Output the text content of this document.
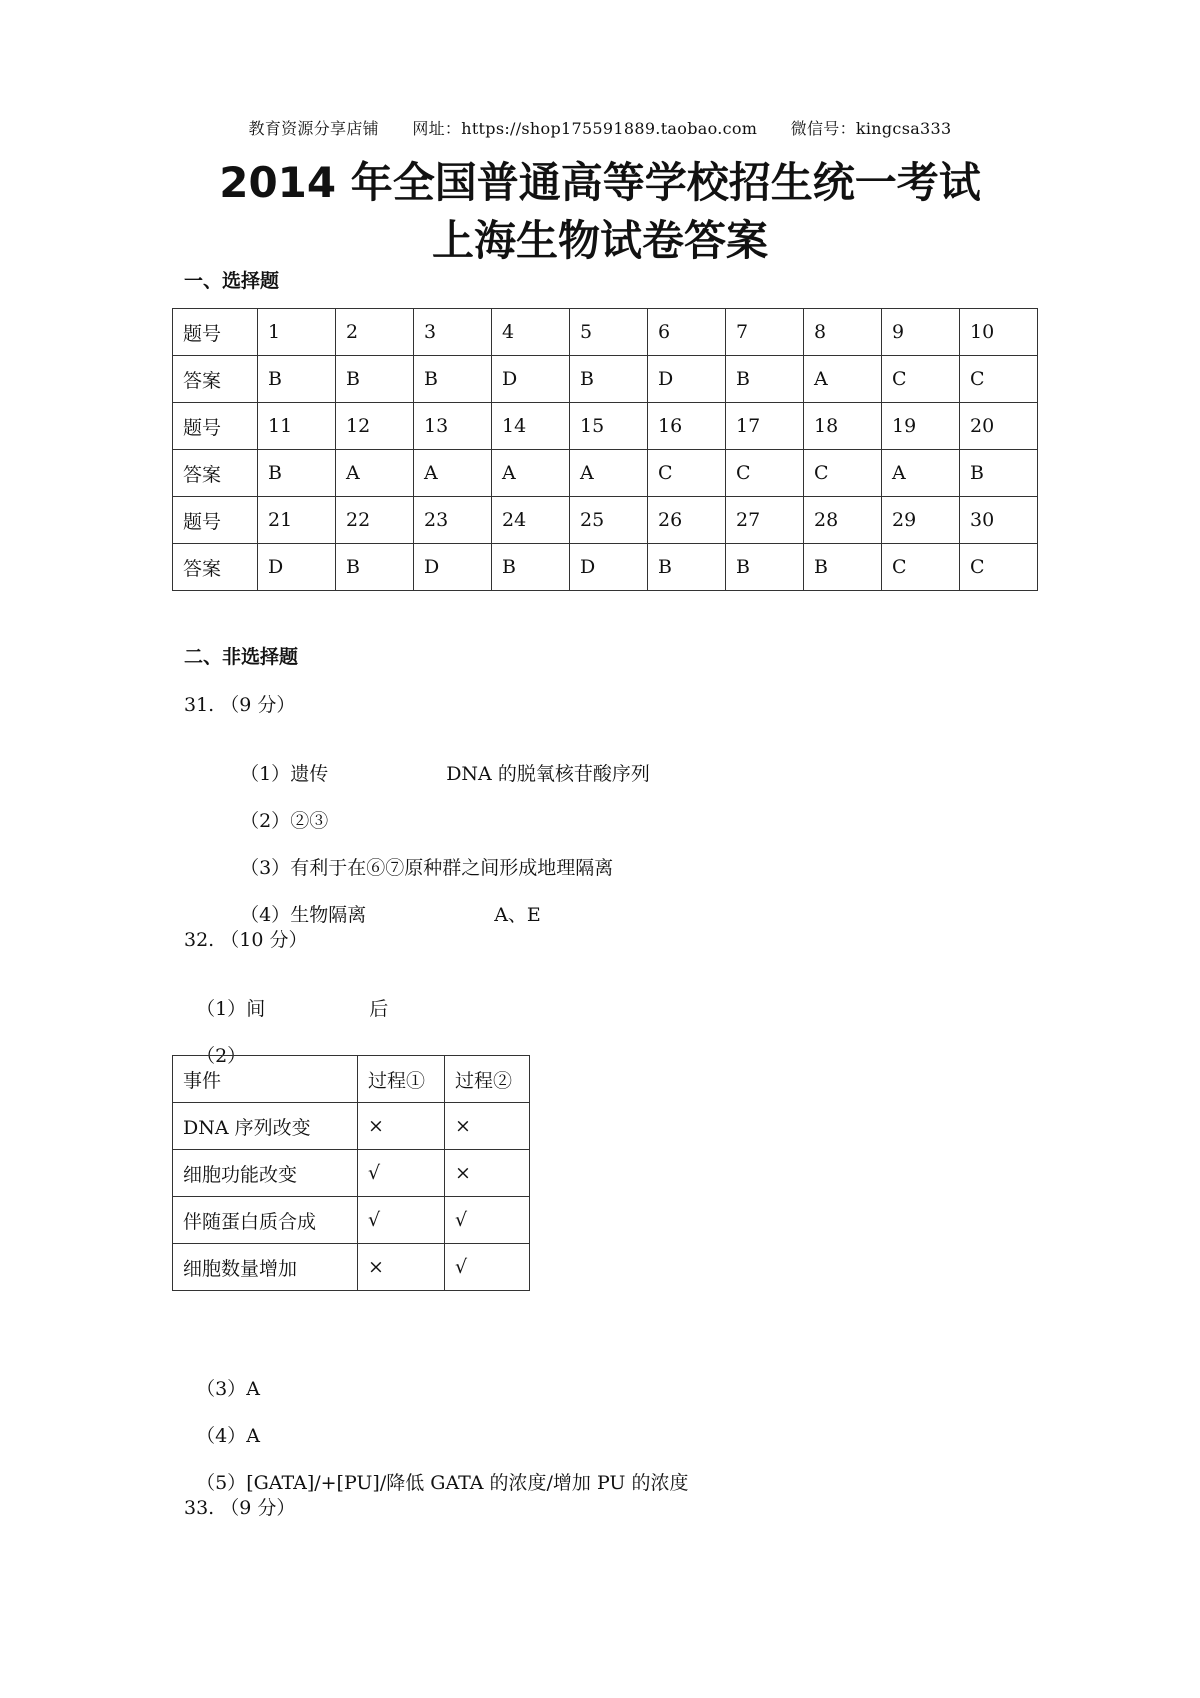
教育资源分享店铺 网址：https://shop175591889.taobao.com 微信号：kingcsa333
2014 年全国普通高等学校招生统一考试
上海生物试卷答案
一、选择题
题号	1	2	3	4	5	6	7	8	9	10
答案	B	B	B	D	B	D	B	A	C	C
题号	11	12	13	14	15	16	17	18	19	20
答案	B	A	A	A	A	C	C	C	A	B
题号	21	22	23	24	25	26	27	28	29	30
答案	D	B	D	B	D	B	B	B	C	C
二、非选择题
31. （9 分）

（1）遗传	DNA 的脱氧核苷酸序列

（2）②③

（3）有利于在⑥⑦原种群之间形成地理隔离

（4）生物隔离	A、E

32. （10 分）

（1）间	后

（2）

事件	过程①	过程②
DNA 序列改变	×	×
细胞功能改变	√	×
伴随蛋白质合成	√	√
细胞数量增加	×	√

（3）A

（4）A

（5）[GATA]/+[PU]/降低 GATA 的浓度/增加 PU 的浓度

33. （9 分）
